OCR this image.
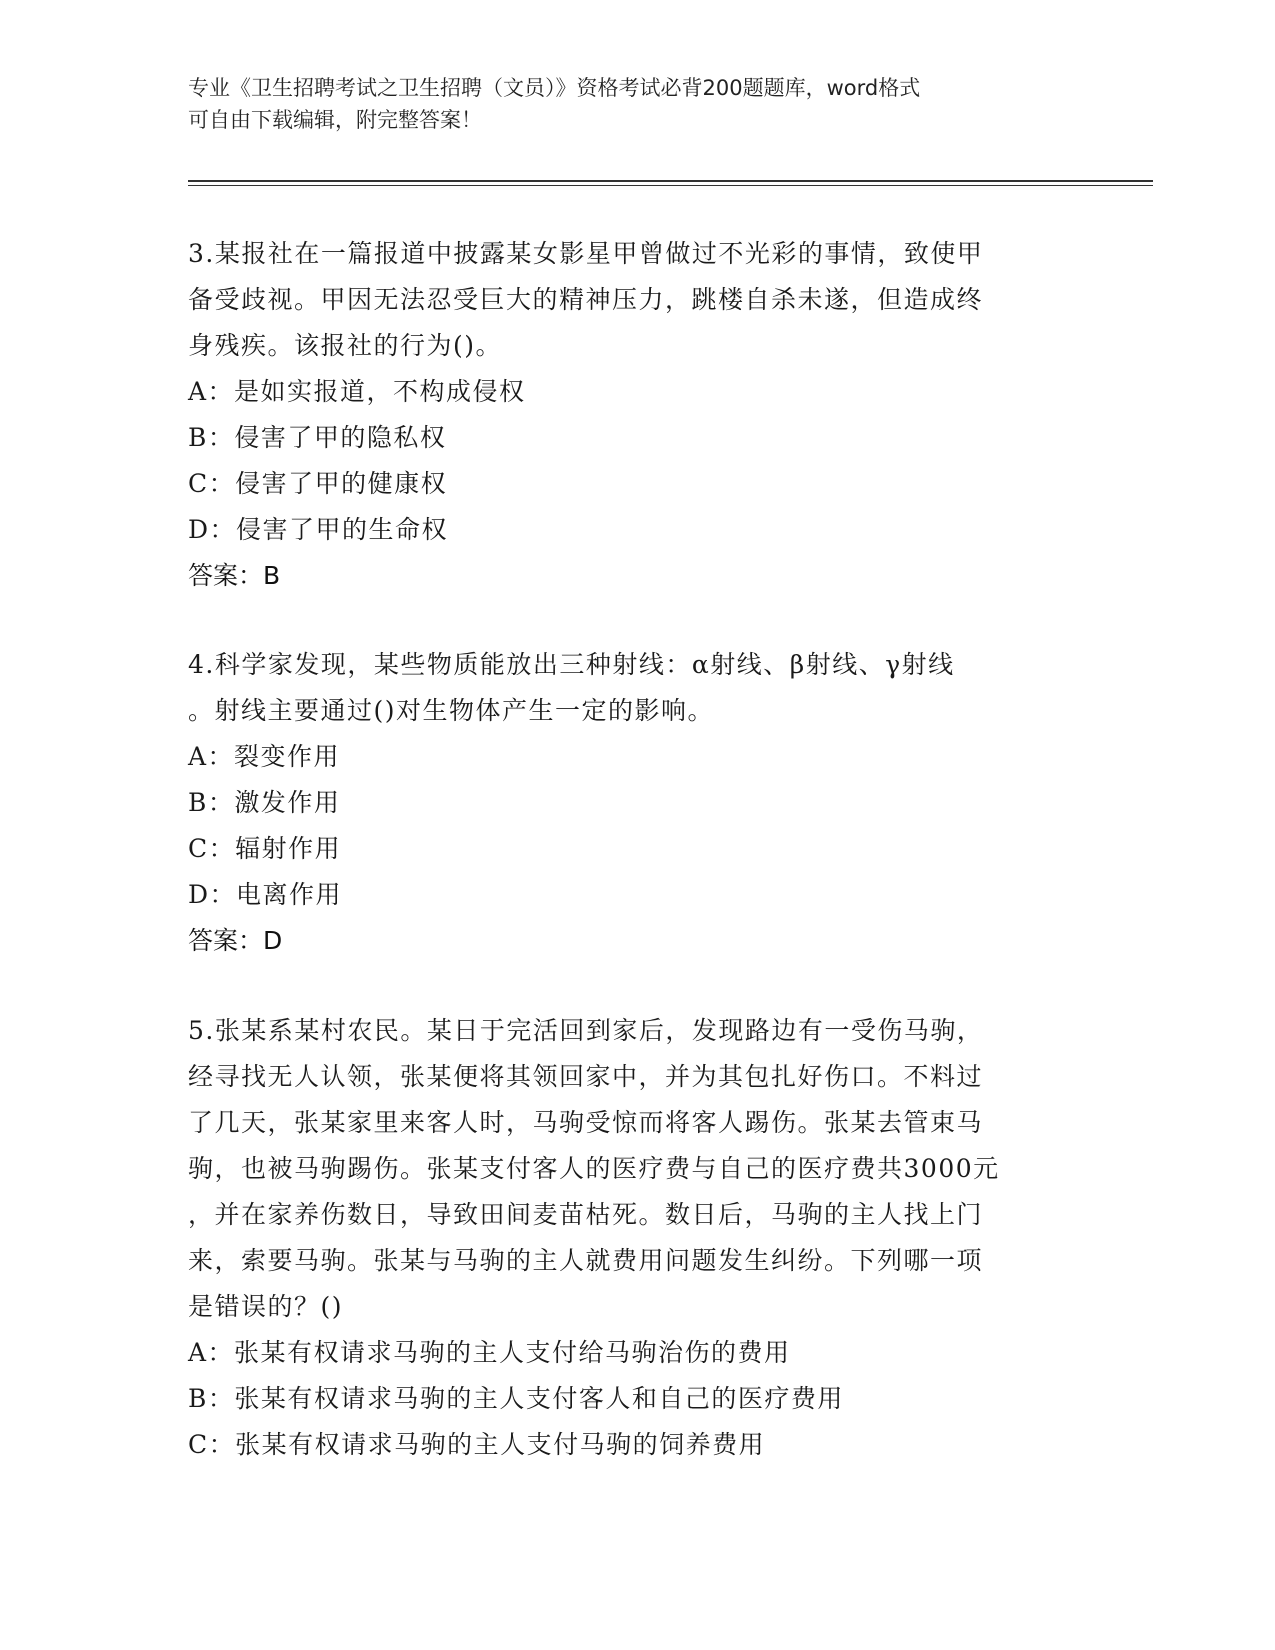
专业《卫生招聘考试之卫生招聘（文员）》资格考试必背200题题库，word格式
可自由下载编辑，附完整答案！

3.某报社在一篇报道中披露某女影星甲曾做过不光彩的事情，致使甲

备受歧视。甲因无法忍受巨大的精神压力，跳楼自杀未遂，但造成终

身残疾。该报社的行为()。

A：是如实报道，不构成侵权

B：侵害了甲的隐私权

C：侵害了甲的健康权

D：侵害了甲的生命权

答案：B

4.科学家发现，某些物质能放出三种射线：α射线、β射线、γ射线

。射线主要通过()对生物体产生一定的影响。

A：裂变作用

B：激发作用

C：辐射作用

D：电离作用

答案：D

5.张某系某村农民。某日于完活回到家后，发现路边有一受伤马驹，

经寻找无人认领，张某便将其领回家中，并为其包扎好伤口。不料过

了几天，张某家里来客人时，马驹受惊而将客人踢伤。张某去管束马

驹，也被马驹踢伤。张某支付客人的医疗费与自己的医疗费共3000元

，并在家养伤数日，导致田间麦苗枯死。数日后，马驹的主人找上门

来，索要马驹。张某与马驹的主人就费用问题发生纠纷。下列哪一项

是错误的？()

A：张某有权请求马驹的主人支付给马驹治伤的费用

B：张某有权请求马驹的主人支付客人和自己的医疗费用

C：张某有权请求马驹的主人支付马驹的饲养费用
